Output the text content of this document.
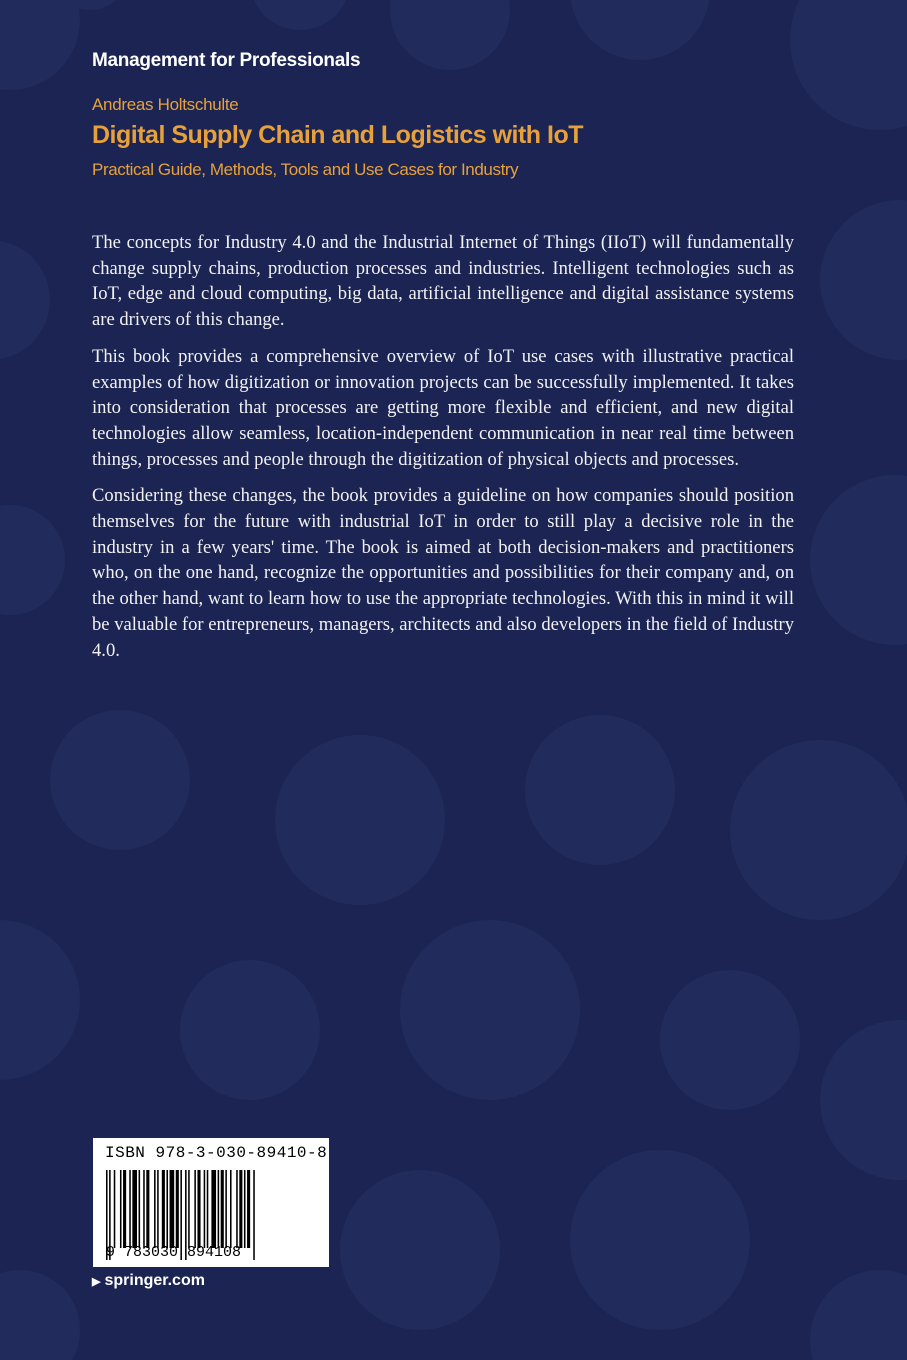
Management for Professionals
Andreas Holtschulte
Digital Supply Chain and Logistics with IoT
Practical Guide, Methods, Tools and Use Cases for Industry

The concepts for Industry 4.0 and the Industrial Internet of Things (IIoT) will fundamentally change supply chains, production processes and industries. Intelligent technologies such as IoT, edge and cloud computing, big data, artificial intelligence and digital assistance systems are drivers of this change.

This book provides a comprehensive overview of IoT use cases with illustrative practical examples of how digitization or innovation projects can be successfully implemented. It takes into consideration that processes are getting more flexible and efficient, and new digital technologies allow seamless, location-independent communication in near real time between things, processes and people through the digitization of physical objects and processes.

Considering these changes, the book provides a guideline on how companies should position themselves for the future with industrial IoT in order to still play a decisive role in the industry in a few years' time. The book is aimed at both decision-makers and practitioners who, on the one hand, recognize the opportunities and possibilities for their company and, on the other hand, want to learn how to use the appropriate technologies. With this in mind it will be valuable for entrepreneurs, managers, architects and also developers in the field of Industry 4.0.

ISBN 978-3-030-89410-8
9 783030 894108
▶ springer.com
